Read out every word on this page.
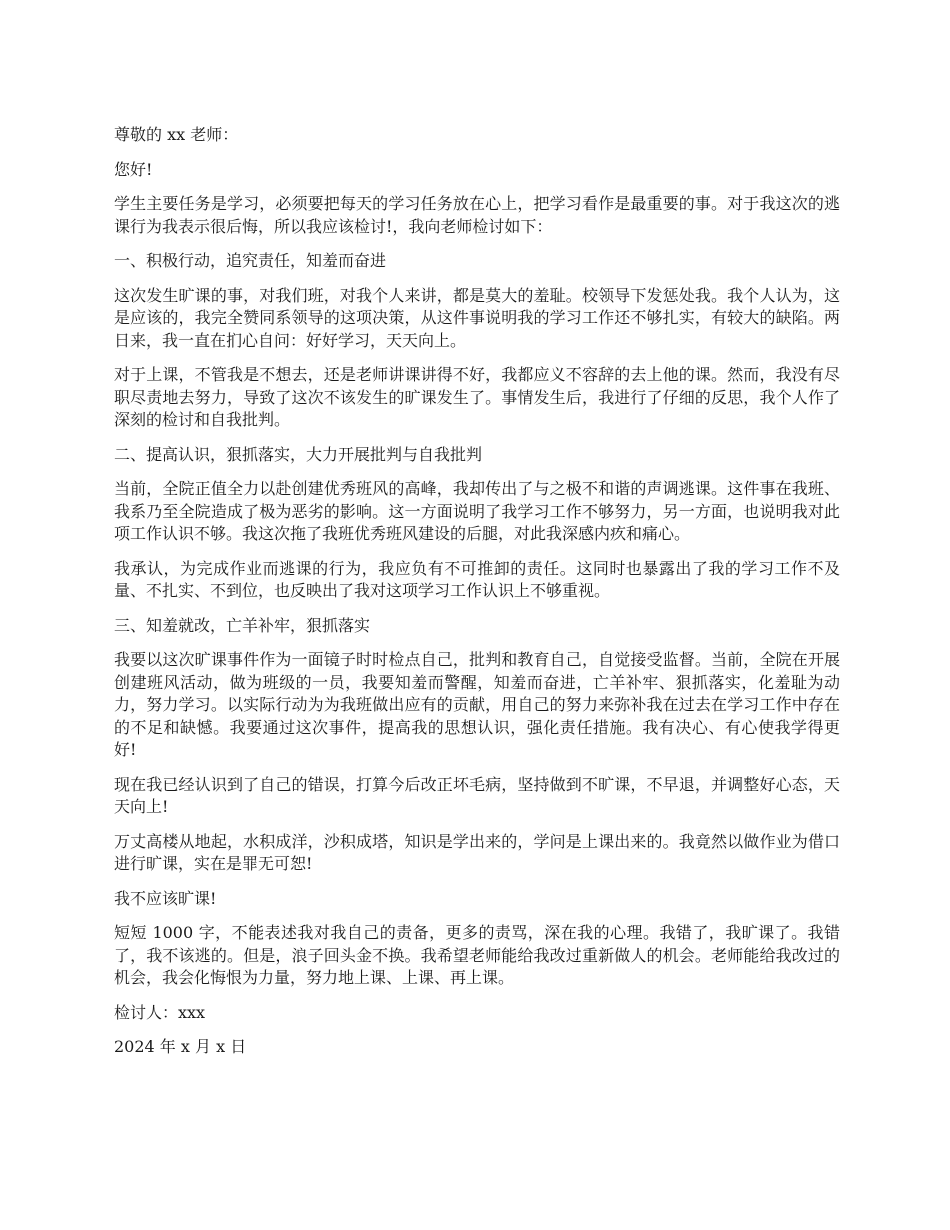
尊敬的 xx 老师：

您好!

学生主要任务是学习，必须要把每天的学习任务放在心上，把学习看作是最重要的事。对于我这次的逃课行为我表示很后悔，所以我应该检讨!，我向老师检讨如下：

一、积极行动，追究责任，知羞而奋进

这次发生旷课的事，对我们班，对我个人来讲，都是莫大的羞耻。校领导下发惩处我。我个人认为，这是应该的，我完全赞同系领导的这项决策，从这件事说明我的学习工作还不够扎实，有较大的缺陷。两日来，我一直在扪心自问：好好学习，天天向上。

对于上课，不管我是不想去，还是老师讲课讲得不好，我都应义不容辞的去上他的课。然而，我没有尽职尽责地去努力，导致了这次不该发生的旷课发生了。事情发生后，我进行了仔细的反思，我个人作了深刻的检讨和自我批判。

二、提高认识，狠抓落实，大力开展批判与自我批判

当前，全院正值全力以赴创建优秀班风的高峰，我却传出了与之极不和谐的声调逃课。这件事在我班、我系乃至全院造成了极为恶劣的影响。这一方面说明了我学习工作不够努力，另一方面，也说明我对此项工作认识不够。我这次拖了我班优秀班风建设的后腿，对此我深感内疚和痛心。

我承认，为完成作业而逃课的行为，我应负有不可推卸的责任。这同时也暴露出了我的学习工作不及量、不扎实、不到位，也反映出了我对这项学习工作认识上不够重视。

三、知羞就改，亡羊补牢，狠抓落实

我要以这次旷课事件作为一面镜子时时检点自己，批判和教育自己，自觉接受监督。当前，全院在开展创建班风活动，做为班级的一员，我要知羞而警醒，知羞而奋进，亡羊补牢、狠抓落实，化羞耻为动力，努力学习。以实际行动为为我班做出应有的贡献，用自己的努力来弥补我在过去在学习工作中存在的不足和缺憾。我要通过这次事件，提高我的思想认识，强化责任措施。我有决心、有心使我学得更好!

现在我已经认识到了自己的错误，打算今后改正坏毛病，坚持做到不旷课，不早退，并调整好心态，天天向上!

万丈高楼从地起，水积成洋，沙积成塔，知识是学出来的，学问是上课出来的。我竟然以做作业为借口进行旷课，实在是罪无可恕!

我不应该旷课!

短短 1000 字，不能表述我对我自己的责备，更多的责骂，深在我的心理。我错了，我旷课了。我错了，我不该逃的。但是，浪子回头金不换。我希望老师能给我改过重新做人的机会。老师能给我改过的机会，我会化悔恨为力量，努力地上课、上课、再上课。

检讨人：xxx

2024 年 x 月 x 日
